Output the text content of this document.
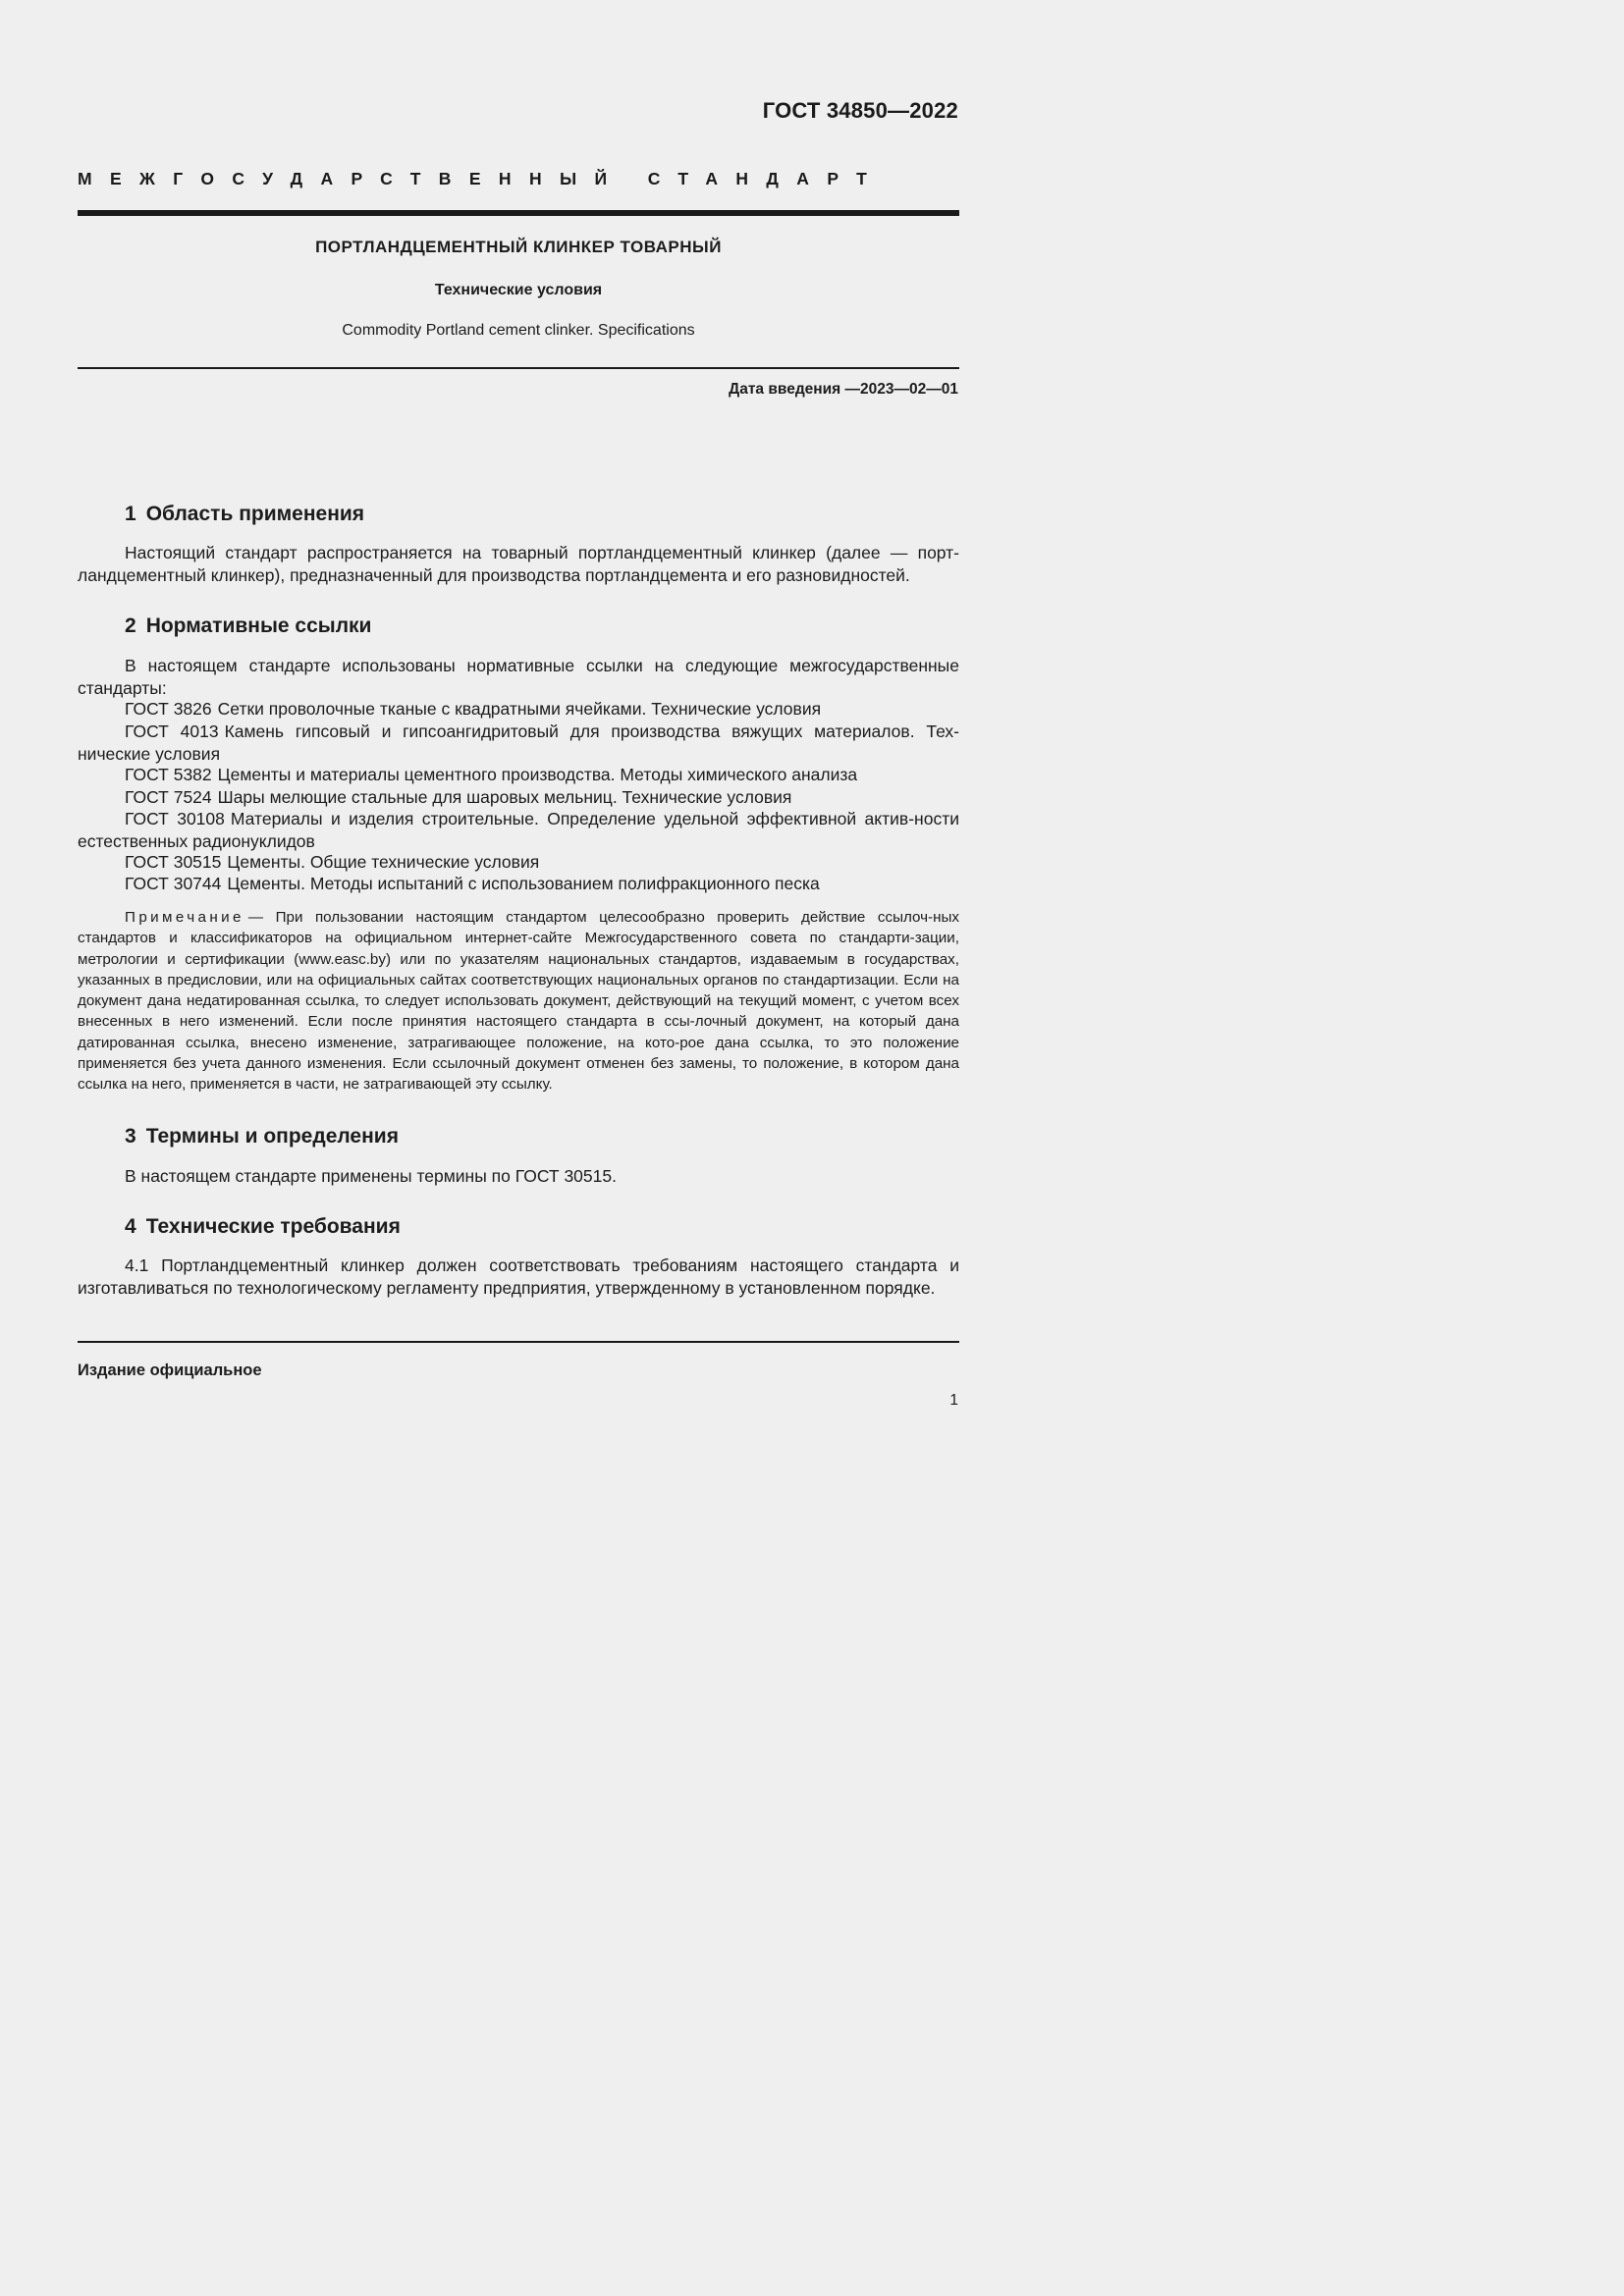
ГОСТ 34850—2022
МЕЖГОСУДАРСТВЕННЫЙ СТАНДАРТ
ПОРТЛАНДЦЕМЕНТНЫЙ КЛИНКЕР ТОВАРНЫЙ
Технические условия
Commodity Portland cement clinker. Specifications
Дата введения —2023—02—01
1 Область применения

Настоящий стандарт распространяется на товарный портландцементный клинкер (далее — порт-ландцементный клинкер), предназначенный для производства портландцемента и его разновидностей.

2 Нормативные ссылки

В настоящем стандарте использованы нормативные ссылки на следующие межгосударственные стандарты:

ГОСТ 3826 Сетки проволочные тканые с квадратными ячейками. Технические условия

ГОСТ 4013 Камень гипсовый и гипсоангидритовый для производства вяжущих материалов. Тех-нические условия

ГОСТ 5382 Цементы и материалы цементного производства. Методы химического анализа

ГОСТ 7524 Шары мелющие стальные для шаровых мельниц. Технические условия

ГОСТ 30108 Материалы и изделия строительные. Определение удельной эффективной актив-ности естественных радионуклидов

ГОСТ 30515 Цементы. Общие технические условия

ГОСТ 30744 Цементы. Методы испытаний с использованием полифракционного песка

Примечание — При пользовании настоящим стандартом целесообразно проверить действие ссылоч-ных стандартов и классификаторов на официальном интернет-сайте Межгосударственного совета по стандарти-зации, метрологии и сертификации (www.easc.by) или по указателям национальных стандартов, издаваемым в государствах, указанных в предисловии, или на официальных сайтах соответствующих национальных органов по стандартизации. Если на документ дана недатированная ссылка, то следует использовать документ, действующий на текущий момент, с учетом всех внесенных в него изменений. Если после принятия настоящего стандарта в ссы-лочный документ, на который дана датированная ссылка, внесено изменение, затрагивающее положение, на кото-рое дана ссылка, то это положение применяется без учета данного изменения. Если ссылочный документ отменен без замены, то положение, в котором дана ссылка на него, применяется в части, не затрагивающей эту ссылку.

3 Термины и определения

В настоящем стандарте применены термины по ГОСТ 30515.

4 Технические требования

4.1 Портландцементный клинкер должен соответствовать требованиям настоящего стандарта и изготавливаться по технологическому регламенту предприятия, утвержденному в установленном порядке.

Издание официальное
1
